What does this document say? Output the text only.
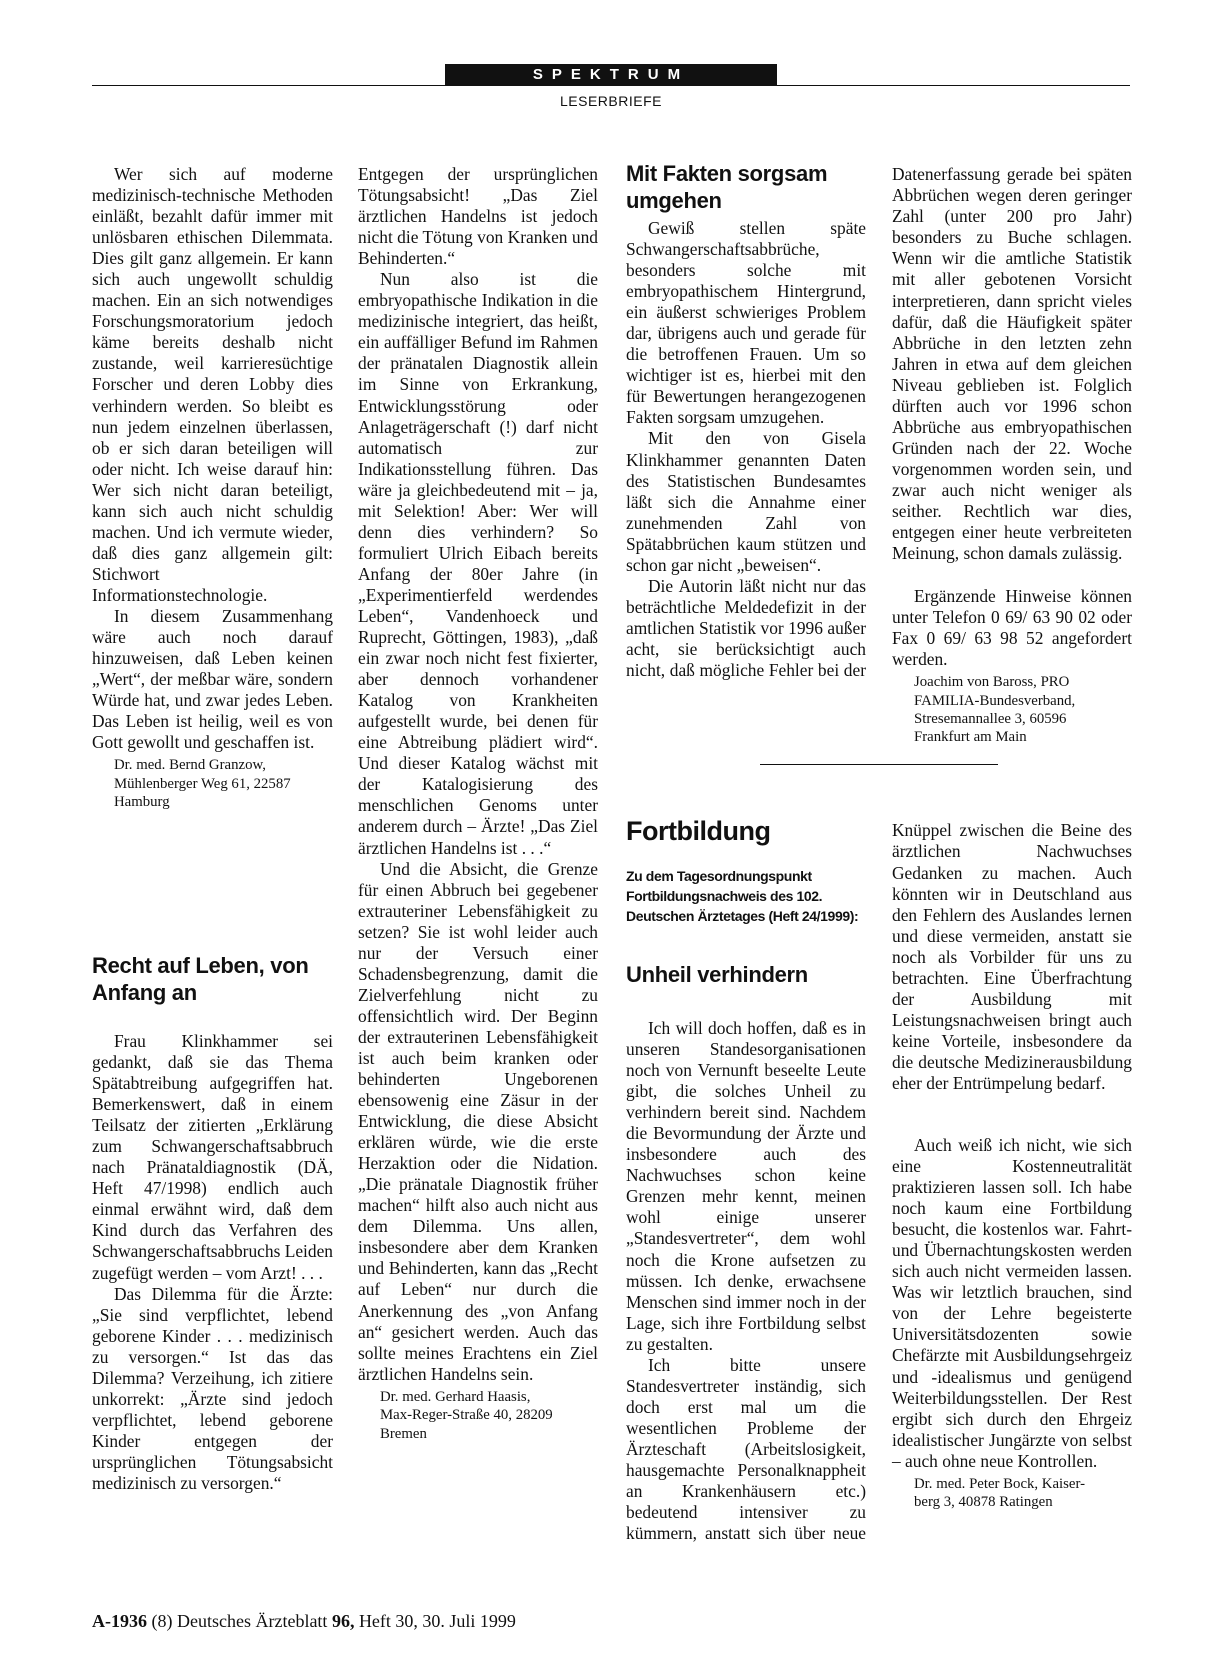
SPEKTRUM
LESERBRIEFE

Wer sich auf moderne medizinisch-technische Methoden einläßt, bezahlt dafür immer mit unlösbaren ethischen Dilemmata. Dies gilt ganz allgemein. Er kann sich auch ungewollt schuldig machen. Ein an sich notwendiges Forschungsmoratorium jedoch käme bereits deshalb nicht zustande, weil karrieresüchtige Forscher und deren Lobby dies verhindern werden. So bleibt es nun jedem einzelnen überlassen, ob er sich daran beteiligen will oder nicht. Ich weise darauf hin: Wer sich nicht daran beteiligt, kann sich auch nicht schuldig machen. Und ich vermute wieder, daß dies ganz allgemein gilt: Stichwort Informationstechnologie.

In diesem Zusammenhang wäre auch noch darauf hinzuweisen, daß Leben keinen „Wert“, der meßbar wäre, sondern Würde hat, und zwar jedes Leben. Das Leben ist heilig, weil es von Gott gewollt und geschaffen ist.

Dr. med. Bernd Granzow,
Mühlenberger Weg 61, 22587
Hamburg
Recht auf Leben, von Anfang an

Frau Klinkhammer sei gedankt, daß sie das Thema Spätabtreibung aufgegriffen hat. Bemerkenswert, daß in einem Teilsatz der zitierten „Erklärung zum Schwangerschaftsabbruch nach Pränataldiagnostik (DÄ, Heft 47/1998) endlich auch einmal erwähnt wird, daß dem Kind durch das Verfahren des Schwangerschaftsabbruchs Leiden zugefügt werden – vom Arzt! . . .

Das Dilemma für die Ärzte: „Sie sind verpflichtet, lebend geborene Kinder . . . medizinisch zu versorgen.“ Ist das das Dilemma? Verzeihung, ich zitiere unkorrekt: „Ärzte sind jedoch verpflichtet, lebend geborene Kinder entgegen der ursprünglichen Tötungsabsicht medizinisch zu versorgen.“

Entgegen der ursprünglichen Tötungsabsicht! „Das Ziel ärztlichen Handelns ist jedoch nicht die Tötung von Kranken und Behinderten.“

Nun also ist die embryopathische Indikation in die medizinische integriert, das heißt, ein auffälliger Befund im Rahmen der pränatalen Diagnostik allein im Sinne von Erkrankung, Entwicklungsstörung oder Anlageträgerschaft (!) darf nicht automatisch zur Indikationsstellung führen. Das wäre ja gleichbedeutend mit – ja, mit Selektion! Aber: Wer will denn dies verhindern? So formuliert Ulrich Eibach bereits Anfang der 80er Jahre (in „Experimentierfeld werdendes Leben“, Vandenhoeck und Ruprecht, Göttingen, 1983), „daß ein zwar noch nicht fest fixierter, aber dennoch vorhandener Katalog von Krankheiten aufgestellt wurde, bei denen für eine Abtreibung plädiert wird“. Und dieser Katalog wächst mit der Katalogisierung des menschlichen Genoms unter anderem durch – Ärzte! „Das Ziel ärztlichen Handelns ist . . .“

Und die Absicht, die Grenze für einen Abbruch bei gegebener extrauteriner Lebensfähigkeit zu setzen? Sie ist wohl leider auch nur der Versuch einer Schadensbegrenzung, damit die Zielverfehlung nicht zu offensichtlich wird. Der Beginn der extrauterinen Lebensfähigkeit ist auch beim kranken oder behinderten Ungeborenen ebensowenig eine Zäsur in der Entwicklung, die diese Absicht erklären würde, wie die erste Herzaktion oder die Nidation. „Die pränatale Diagnostik früher machen“ hilft also auch nicht aus dem Dilemma. Uns allen, insbesondere aber dem Kranken und Behinderten, kann das „Recht auf Leben“ nur durch die Anerkennung des „von Anfang an“ gesichert werden. Auch das sollte meines Erachtens ein Ziel ärztlichen Handelns sein.

Dr. med. Gerhard Haasis,
Max-Reger-Straße 40, 28209
Bremen
Mit Fakten sorgsam umgehen

Gewiß stellen späte Schwangerschaftsabbrüche, besonders solche mit embryopathischem Hintergrund, ein äußerst schwieriges Problem dar, übrigens auch und gerade für die betroffenen Frauen. Um so wichtiger ist es, hierbei mit den für Bewertungen herangezogenen Fakten sorgsam umzugehen.

Mit den von Gisela Klinkhammer genannten Daten des Statistischen Bundesamtes läßt sich die Annahme einer zunehmenden Zahl von Spätabbrüchen kaum stützen und schon gar nicht „beweisen“.

Die Autorin läßt nicht nur das beträchtliche Meldedefizit in der amtlichen Statistik vor 1996 außer acht, sie berücksichtigt auch nicht, daß mögliche Fehler bei der

Datenerfassung gerade bei späten Abbrüchen wegen deren geringer Zahl (unter 200 pro Jahr) besonders zu Buche schlagen. Wenn wir die amtliche Statistik mit aller gebotenen Vorsicht interpretieren, dann spricht vieles dafür, daß die Häufigkeit später Abbrüche in den letzten zehn Jahren in etwa auf dem gleichen Niveau geblieben ist. Folglich dürften auch vor 1996 schon Abbrüche aus embryopathischen Gründen nach der 22. Woche vorgenommen worden sein, und zwar auch nicht weniger als seither. Rechtlich war dies, entgegen einer heute verbreiteten Meinung, schon damals zulässig.

Ergänzende Hinweise können unter Telefon 0 69/ 63 90 02 oder Fax 0 69/ 63 98 52 angefordert werden.

Joachim von Baross, PRO
FAMILIA-Bundesverband,
Stresemannallee 3, 60596
Frankfurt am Main
Fortbildung
Zu dem Tagesordnungspunkt Fortbildungsnachweis des 102. Deutschen Ärztetages (Heft 24/1999):
Unheil verhindern

Ich will doch hoffen, daß es in unseren Standesorganisationen noch von Vernunft beseelte Leute gibt, die solches Unheil zu verhindern bereit sind. Nachdem die Bevormundung der Ärzte und insbesondere auch des Nachwuchses schon keine Grenzen mehr kennt, meinen wohl einige unserer „Standesvertreter“, dem wohl noch die Krone aufsetzen zu müssen. Ich denke, erwachsene Menschen sind immer noch in der Lage, sich ihre Fortbildung selbst zu gestalten.

Ich bitte unsere Standesvertreter inständig, sich doch erst mal um die wesentlichen Probleme der Ärzteschaft (Arbeitslosigkeit, hausgemachte Personalknappheit an Krankenhäusern etc.) bedeutend intensiver zu kümmern, anstatt sich über neue

Knüppel zwischen die Beine des ärztlichen Nachwuchses Gedanken zu machen. Auch könnten wir in Deutschland aus den Fehlern des Auslandes lernen und diese vermeiden, anstatt sie noch als Vorbilder für uns zu betrachten. Eine Überfrachtung der Ausbildung mit Leistungsnachweisen bringt auch keine Vorteile, insbesondere da die deutsche Medizinerausbildung eher der Entrümpelung bedarf.

Auch weiß ich nicht, wie sich eine Kostenneutralität praktizieren lassen soll. Ich habe noch kaum eine Fortbildung besucht, die kostenlos war. Fahrt- und Übernachtungskosten werden sich auch nicht vermeiden lassen. Was wir letztlich brauchen, sind von der Lehre begeisterte Universitätsdozenten sowie Chefärzte mit Ausbildungsehrgeiz und -idealismus und genügend Weiterbildungsstellen. Der Rest ergibt sich durch den Ehrgeiz idealistischer Jungärzte von selbst – auch ohne neue Kontrollen.

Dr. med. Peter Bock, Kaiser-
berg 3, 40878 Ratingen
A-1936 (8) Deutsches Ärzteblatt 96, Heft 30, 30. Juli 1999
